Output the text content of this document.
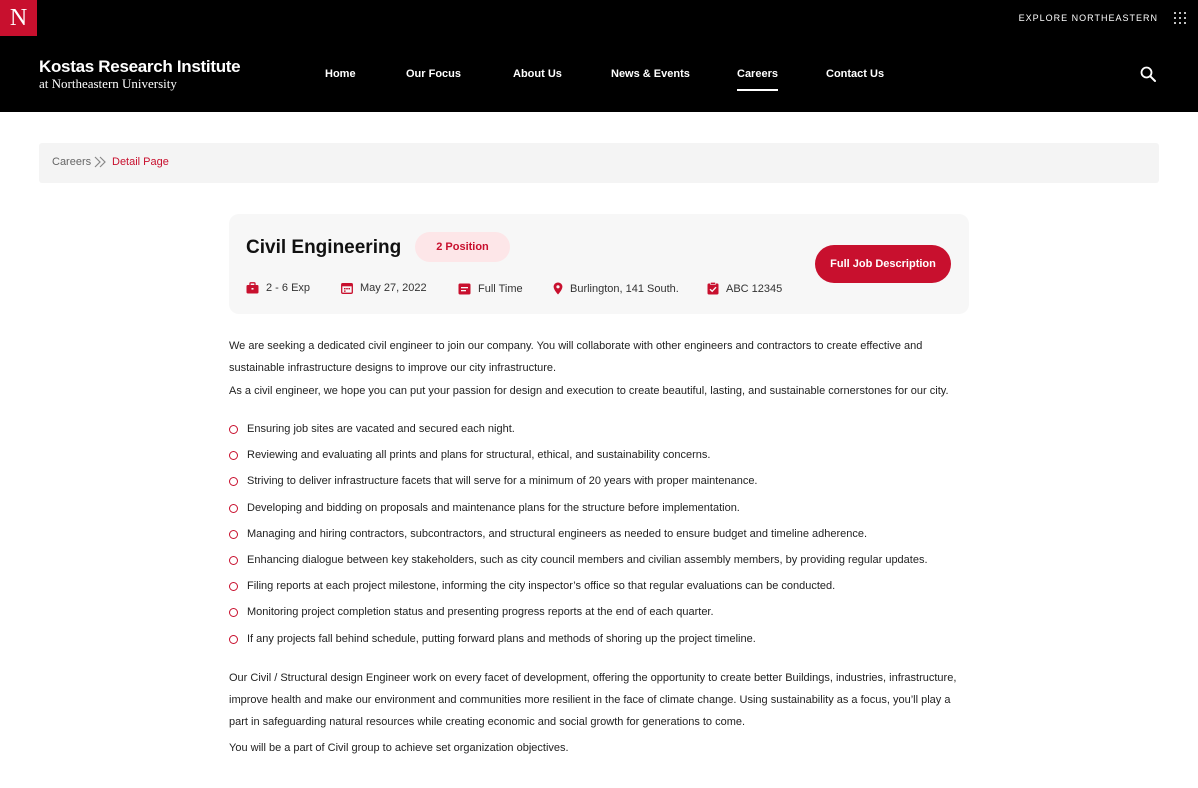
N	EXPLORE NORTHEASTERN
Kostas Research Institute
at Northeastern University
Home	Our Focus	About Us	News & Events	Careers	Contact Us
Careers Detail Page
Civil Engineering	2 Position
2 - 6 Exp	May 27, 2022	Full Time	Burlington, 141 South.	ABC 12345
Full Job Description

We are seeking a dedicated civil engineer to join our company. You will collaborate with other engineers and contractors to create effective and sustainable infrastructure designs to improve our city infrastructure.

As a civil engineer, we hope you can put your passion for design and execution to create beautiful, lasting, and sustainable cornerstones for our city.

Ensuring job sites are vacated and secured each night.
Reviewing and evaluating all prints and plans for structural, ethical, and sustainability concerns.
Striving to deliver infrastructure facets that will serve for a minimum of 20 years with proper maintenance.
Developing and bidding on proposals and maintenance plans for the structure before implementation.
Managing and hiring contractors, subcontractors, and structural engineers as needed to ensure budget and timeline adherence.
Enhancing dialogue between key stakeholders, such as city council members and civilian assembly members, by providing regular updates.
Filing reports at each project milestone, informing the city inspector’s office so that regular evaluations can be conducted.
Monitoring project completion status and presenting progress reports at the end of each quarter.
If any projects fall behind schedule, putting forward plans and methods of shoring up the project timeline.

Our Civil / Structural design Engineer work on every facet of development, offering the opportunity to create better Buildings, industries, infrastructure, improve health and make our environment and communities more resilient in the face of climate change. Using sustainability as a focus, you’ll play a part in safeguarding natural resources while creating economic and social growth for generations to come.

You will be a part of Civil group to achieve set organization objectives.
